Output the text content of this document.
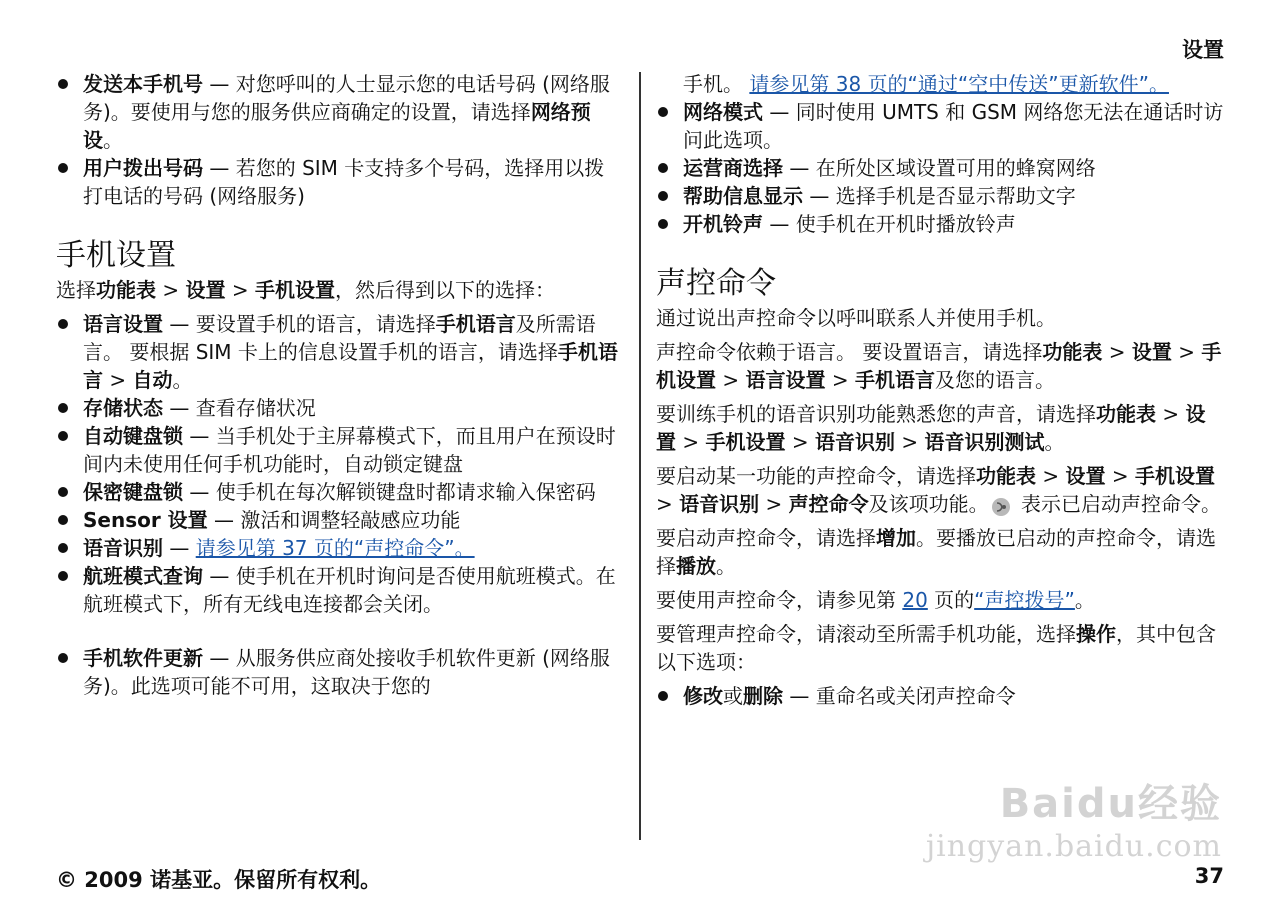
设置
发送本手机号 — 对您呼叫的人士显示您的电话号码 (网络服务)。要使用与您的服务供应商确定的设置，请选择网络预设。
用户拨出号码 — 若您的 SIM 卡支持多个号码，选择用以拨打电话的号码 (网络服务)
手机设置

选择功能表 > 设置 > 手机设置，然后得到以下的选择：

语言设置 — 要设置手机的语言，请选择手机语言及所需语言。 要根据 SIM 卡上的信息设置手机的语言，请选择手机语言 > 自动。
存储状态 — 查看存储状况
自动键盘锁 — 当手机处于主屏幕模式下，而且用户在预设时间内未使用任何手机功能时，自动锁定键盘
保密键盘锁 — 使手机在每次解锁键盘时都请求输入保密码
Sensor 设置 — 激活和调整轻敲感应功能
语音识别 — 请参见第 37 页的“声控命令”。
航班模式查询 — 使手机在开机时询问是否使用航班模式。在航班模式下，所有无线电连接都会关闭。
手机软件更新 — 从服务供应商处接收手机软件更新 (网络服务)。此选项可能不可用，这取决于您的

手机。 请参见第 38 页的“通过“空中传送”更新软件”。

网络模式 — 同时使用 UMTS 和 GSM 网络您无法在通话时访问此选项。
运营商选择 — 在所处区域设置可用的蜂窝网络
帮助信息显示 — 选择手机是否显示帮助文字
开机铃声 — 使手机在开机时播放铃声
声控命令

通过说出声控命令以呼叫联系人并使用手机。

声控命令依赖于语言。 要设置语言，请选择功能表 > 设置 > 手机设置 > 语言设置 > 手机语言及您的语言。

要训练手机的语音识别功能熟悉您的声音，请选择功能表 > 设置 > 手机设置 > 语音识别 > 语音识别测试。

要启动某一功能的声控命令，请选择功能表 > 设置 > 手机设置 > 语音识别 > 声控命令及该项功能。 表示已启动声控命令。

要启动声控命令，请选择增加。要播放已启动的声控命令，请选择播放。

要使用声控命令，请参见第 20 页的“声控拨号”。

要管理声控命令，请滚动至所需手机功能，选择操作，其中包含以下选项：

修改或删除 — 重命名或关闭声控命令
Baidu经验
jingyan.baidu.com
© 2009 诺基亚。保留所有权利。	37
